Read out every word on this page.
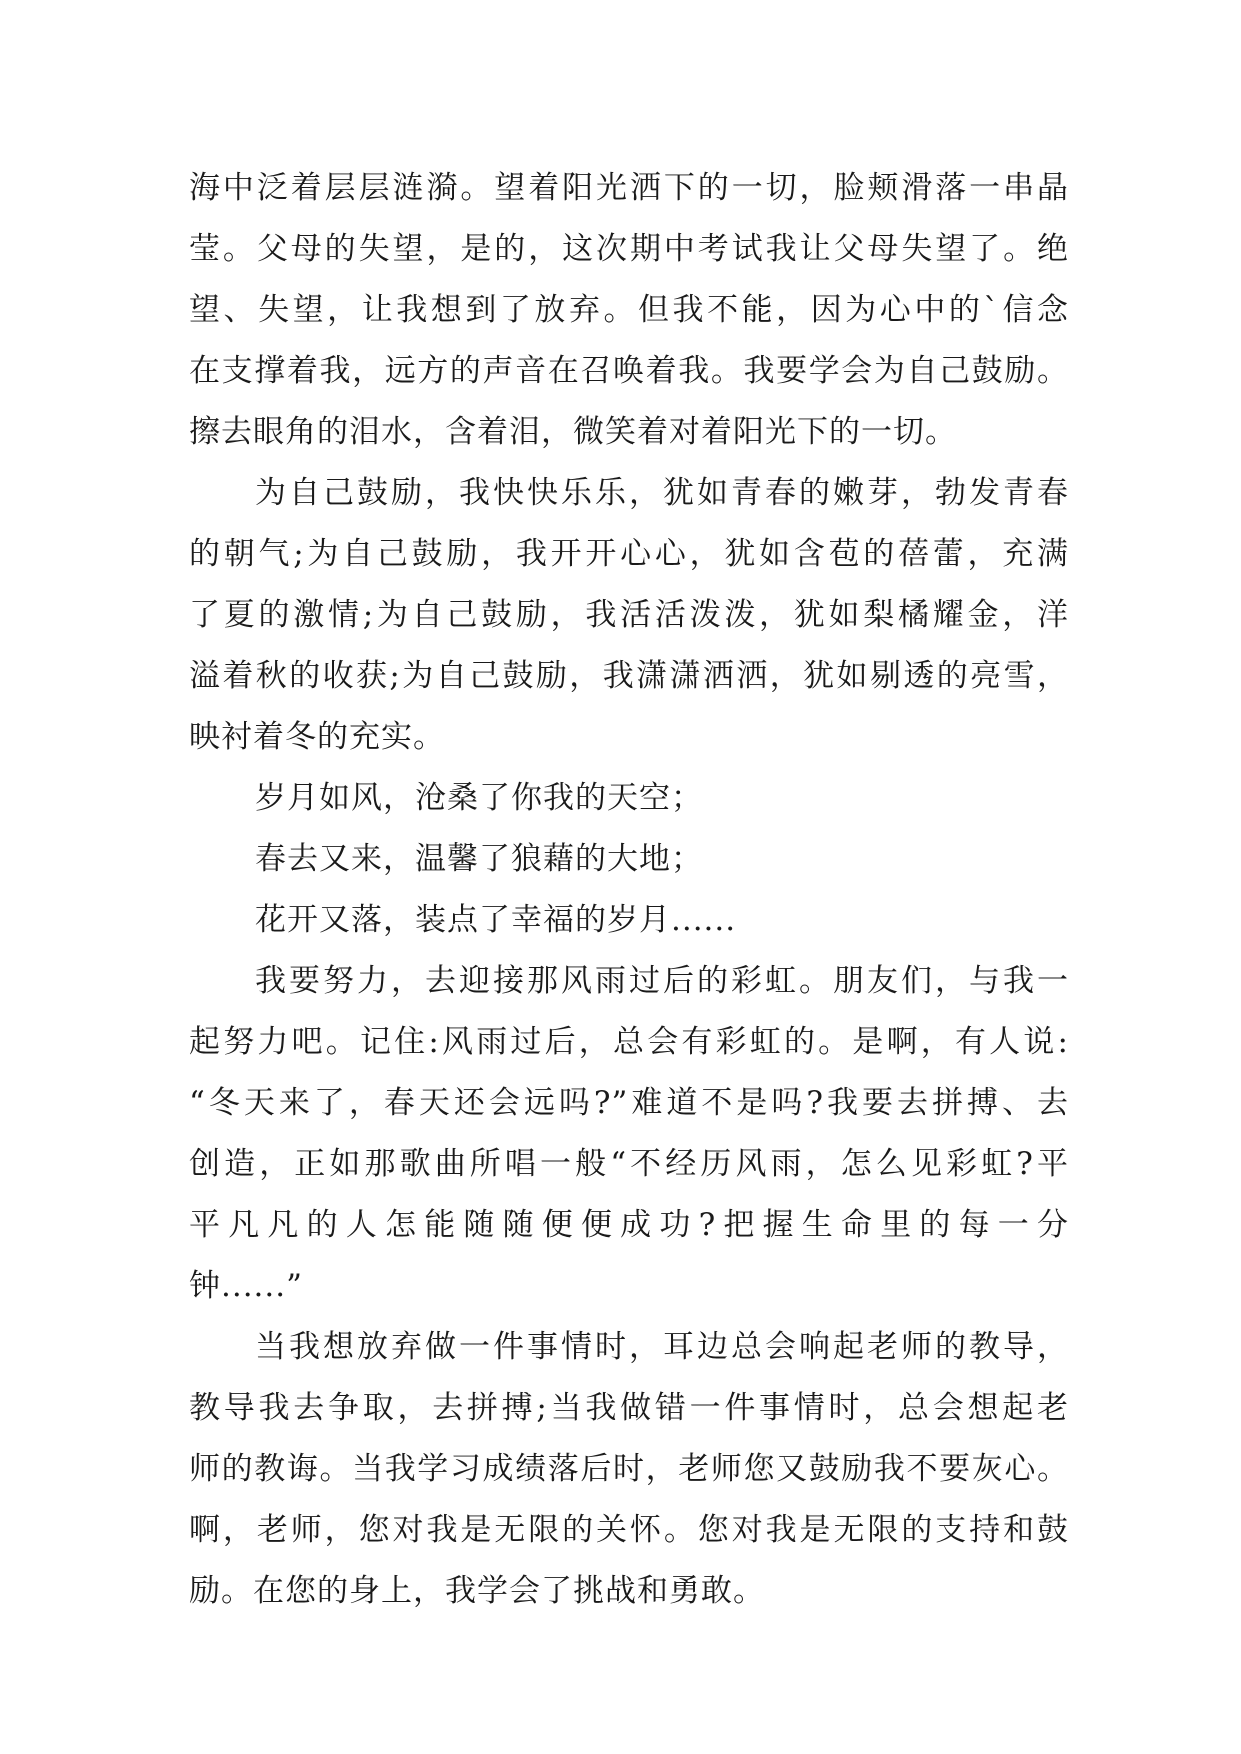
海中泛着层层涟漪。望着阳光洒下的一切，脸颊滑落一串晶
莹。父母的失望，是的，这次期中考试我让父母失望了。绝
望、失望，让我想到了放弃。但我不能，因为心中的`信念
在支撑着我，远方的声音在召唤着我。我要学会为自己鼓励。
擦去眼角的泪水，含着泪，微笑着对着阳光下的一切。
为自己鼓励，我快快乐乐，犹如青春的嫩芽，勃发青春
的朝气;为自己鼓励，我开开心心，犹如含苞的蓓蕾，充满
了夏的激情;为自己鼓励，我活活泼泼，犹如梨橘耀金，洋
溢着秋的收获;为自己鼓励，我潇潇洒洒，犹如剔透的亮雪，
映衬着冬的充实。
岁月如风，沧桑了你我的天空；
春去又来，温馨了狼藉的大地；
花开又落，装点了幸福的岁月......
我要努力，去迎接那风雨过后的彩虹。朋友们，与我一
起努力吧。记住:风雨过后，总会有彩虹的。是啊，有人说:
“冬天来了，春天还会远吗?”难道不是吗?我要去拼搏、去
创造，正如那歌曲所唱一般“不经历风雨，怎么见彩虹?平
平凡凡的人怎能随随便便成功?把握生命里的每一分
钟......”
当我想放弃做一件事情时，耳边总会响起老师的教导，
教导我去争取，去拼搏;当我做错一件事情时，总会想起老
师的教诲。当我学习成绩落后时，老师您又鼓励我不要灰心。
啊，老师，您对我是无限的关怀。您对我是无限的支持和鼓
励。在您的身上，我学会了挑战和勇敢。
